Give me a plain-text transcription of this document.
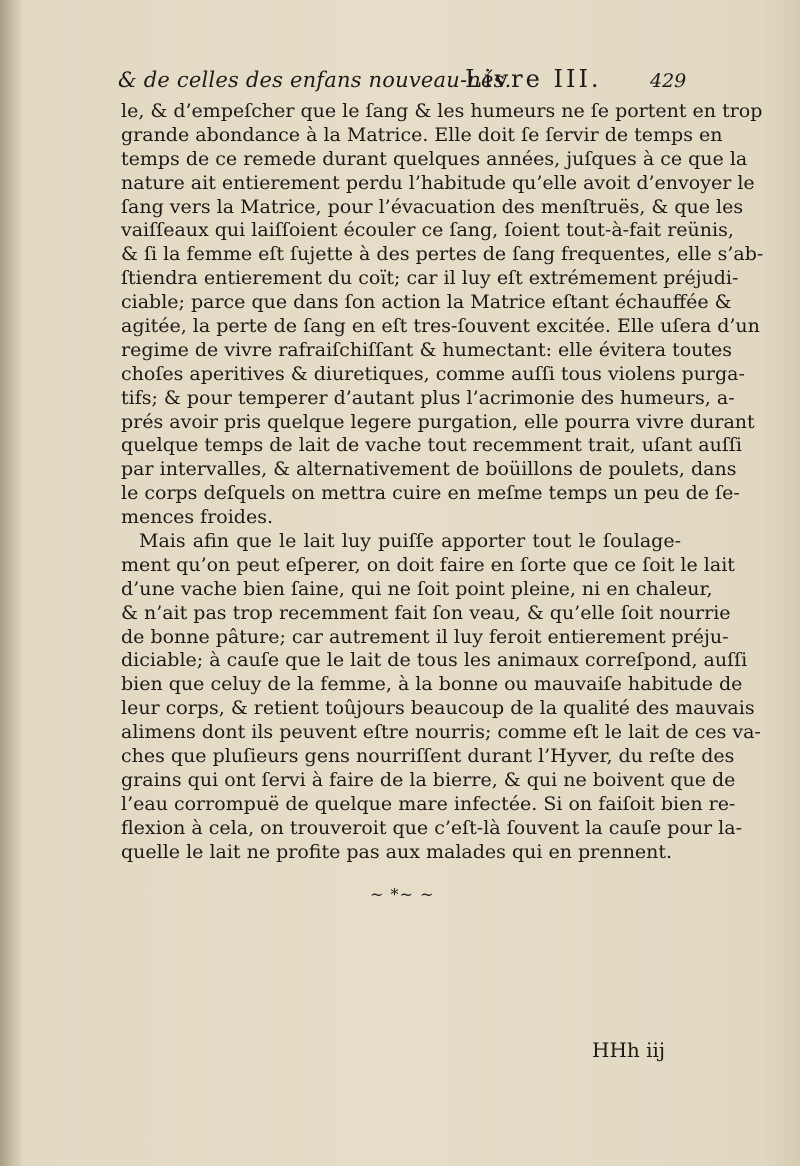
& de celles des enfans nouveau-nés.
Livre III.	429
le, & d’empeſcher que le ſang & les humeurs ne ſe portent en trop
grande abondance à la Matrice. Elle doit ſe ſervir de temps en
temps de ce remede durant quelques années, juſques à ce que la
nature ait entierement perdu l’habitude qu’elle avoit d’envoyer le
ſang vers la Matrice, pour l’évacuation des menſtruës, & que les
vaiſſeaux qui laiſſoient écouler ce ſang, ſoient tout-à-fait reünis,
& ſi la femme eſt ſujette à des pertes de ſang frequentes, elle s’ab-
ſtiendra entierement du coït; car il luy eſt extrémement préjudi-
ciable; parce que dans ſon action la Matrice eſtant échauffée &
agitée, la perte de ſang en eſt tres-ſouvent excitée. Elle uſera d’un
regime de vivre rafraiſchiſſant & humectant: elle évitera toutes
choſes aperitives & diuretiques, comme auſſi tous violens purga-
tifs; & pour temperer d’autant plus l’acrimonie des humeurs, a-
prés avoir pris quelque legere purgation, elle pourra vivre durant
quelque temps de lait de vache tout recemment trait, uſant auſſi
par intervalles, & alternativement de boüillons de poulets, dans
le corps deſquels on mettra cuire en meſme temps un peu de ſe-
mences froides.
Mais afin que le lait luy puiſſe apporter tout le ſoulage-
ment qu’on peut eſperer, on doit faire en ſorte que ce ſoit le lait
d’une vache bien ſaine, qui ne ſoit point pleine, ni en chaleur,
& n’ait pas trop recemment fait ſon veau, & qu’elle ſoit nourrie
de bonne pâture; car autrement il luy feroit entierement préju-
diciable; à cauſe que le lait de tous les animaux correſpond, auſſi
bien que celuy de la femme, à la bonne ou mauvaiſe habitude de
leur corps, & retient toûjours beaucoup de la qualité des mauvais
alimens dont ils peuvent eſtre nourris; comme eſt le lait de ces va-
ches que pluſieurs gens nourriſſent durant l’Hyver, du reſte des
grains qui ont ſervi à faire de la bierre, & qui ne boivent que de
l’eau corrompuë de quelque mare infectée. Si on faiſoit bien re-
flexion à cela, on trouveroit que c’eſt-là ſouvent la cauſe pour la-
quelle le lait ne profite pas aux malades qui en prennent.
~ *~ ~
HHh iij
